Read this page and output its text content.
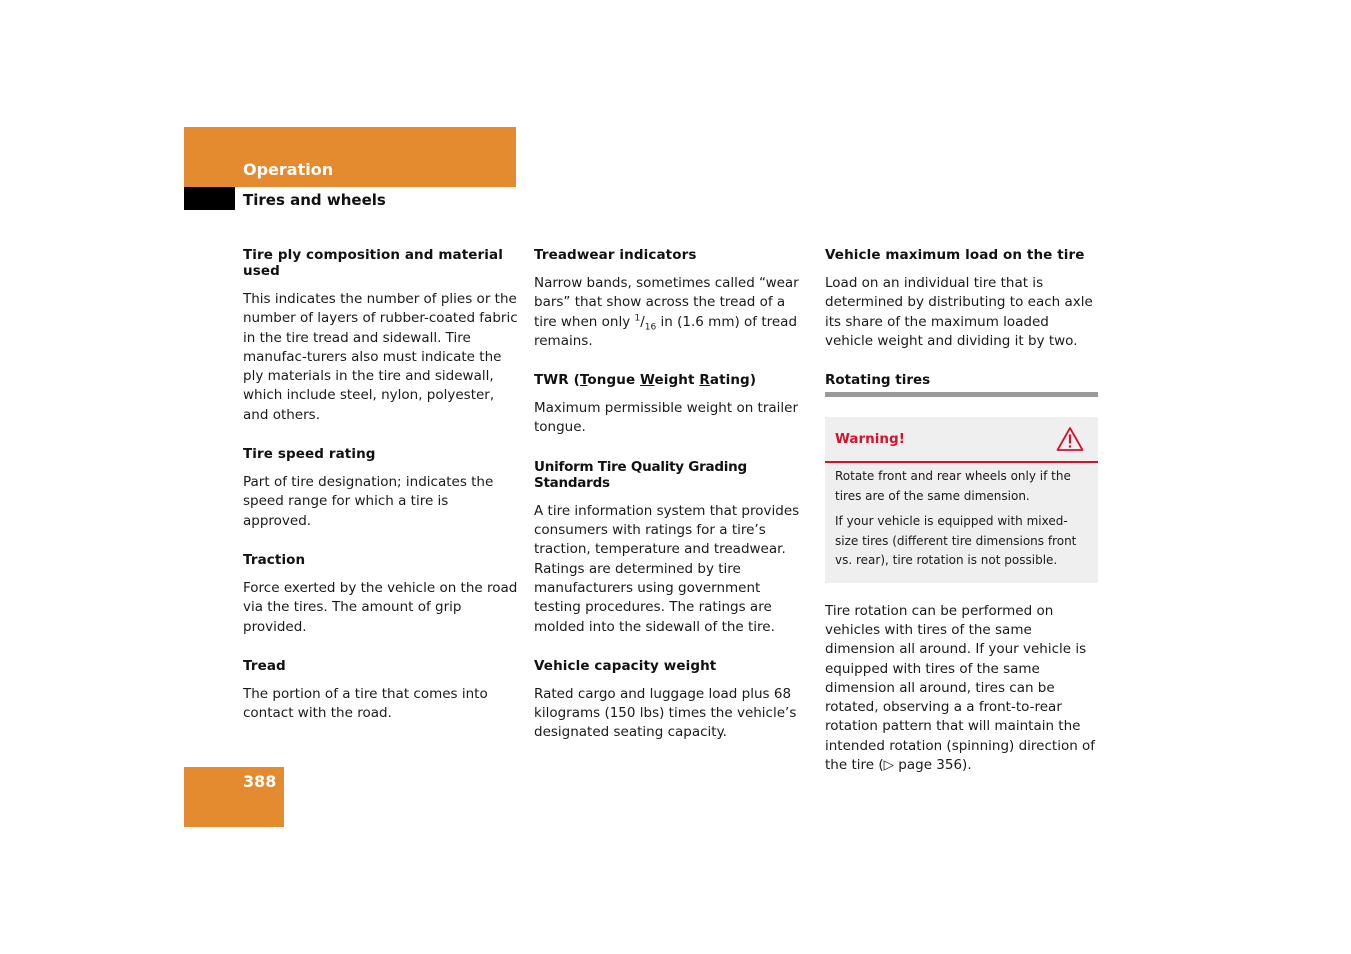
Operation
Tires and wheels

Tire ply composition and material used

This indicates the number of plies or the number of layers of rubber-coated fabric in the tire tread and sidewall. Tire manufac-turers also must indicate the ply materials in the tire and sidewall, which include steel, nylon, polyester, and others.

Tire speed rating

Part of tire designation; indicates the speed range for which a tire is approved.

Traction

Force exerted by the vehicle on the road via the tires. The amount of grip provided.

Tread

The portion of a tire that comes into contact with the road.

Treadwear indicators

Narrow bands, sometimes called “wear bars” that show across the tread of a tire when only $^1/_{16}$ in (1.6 mm) of tread remains.

TWR (Tongue Weight Rating)

Maximum permissible weight on trailer tongue.

Uniform Tire Quality Grading Standards

A tire information system that provides consumers with ratings for a tire’s traction, temperature and treadwear. Ratings are determined by tire manufacturers using government testing procedures. The ratings are molded into the sidewall of the tire.

Vehicle capacity weight

Rated cargo and luggage load plus 68 kilograms (150 lbs) times the vehicle’s designated seating capacity.

Vehicle maximum load on the tire

Load on an individual tire that is determined by distributing to each axle its share of the maximum loaded vehicle weight and dividing it by two.

Rotating tires

Warning!

Rotate front and rear wheels only if the tires are of the same dimension.

If your vehicle is equipped with mixed-size tires (different tire dimensions front vs. rear), tire rotation is not possible.

Tire rotation can be performed on vehicles with tires of the same dimension all around. If your vehicle is equipped with tires of the same dimension all around, tires can be rotated, observing a a front-to-rear rotation pattern that will maintain the intended rotation (spinning) direction of the tire (▷ page 356).

388
